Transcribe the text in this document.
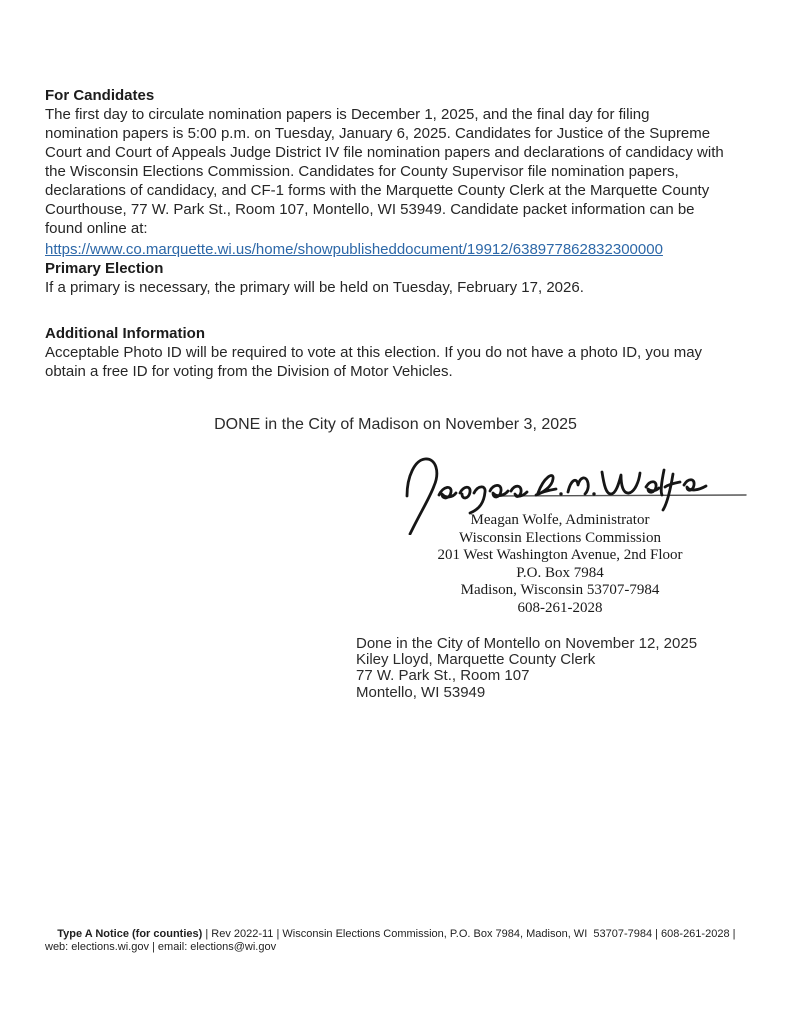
For Candidates

The first day to circulate nomination papers is December 1, 2025, and the final day for filing nomination papers is 5:00 p.m. on Tuesday, January 6, 2025. Candidates for Justice of the Supreme Court and Court of Appeals Judge District IV file nomination papers and declarations of candidacy with the Wisconsin Elections Commission. Candidates for County Supervisor file nomination papers, declarations of candidacy, and CF-1 forms with the Marquette County Clerk at the Marquette County Courthouse, 77 W. Park St., Room 107, Montello, WI 53949. Candidate packet information can be found online at:

https://www.co.marquette.wi.us/home/showpublisheddocument/19912/638977862832300000
Primary Election

If a primary is necessary, the primary will be held on Tuesday, February 17, 2026.

Additional Information

Acceptable Photo ID will be required to vote at this election. If you do not have a photo ID, you may obtain a free ID for voting from the Division of Motor Vehicles.

DONE in the City of Madison on November 3, 2025
Meagan Wolfe, Administrator
Wisconsin Elections Commission
201 West Washington Avenue, 2nd Floor
P.O. Box 7984
Madison, Wisconsin 53707-7984
608-261-2028
Done in the City of Montello on November 12, 2025
Kiley Lloyd, Marquette County Clerk
77 W. Park St., Room 107
Montello, WI 53949

Type A Notice (for counties) | Rev 2022-11 | Wisconsin Elections Commission, P.O. Box 7984, Madison, WI  53707-7984 | 608-261-2028 | web: elections.wi.gov | email: elections@wi.gov
